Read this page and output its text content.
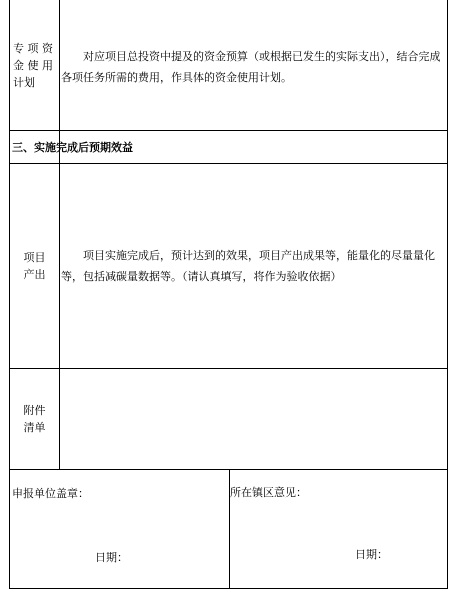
专 项 资 金 使 用 计划
对应项目总投资中提及的资金预算（或根据已发生的实际支出），结合完成各项任务所需的费用，作具体的资金使用计划。
三、实施完成后预期效益
项目
产出
项目实施完成后，预计达到的效果，项目产出成果等，能量化的尽量量化等，包括减碳量数据等。（请认真填写，将作为验收依据）
附件
清单
申报单位盖章：
日期：
所在镇区意见：
日期：
